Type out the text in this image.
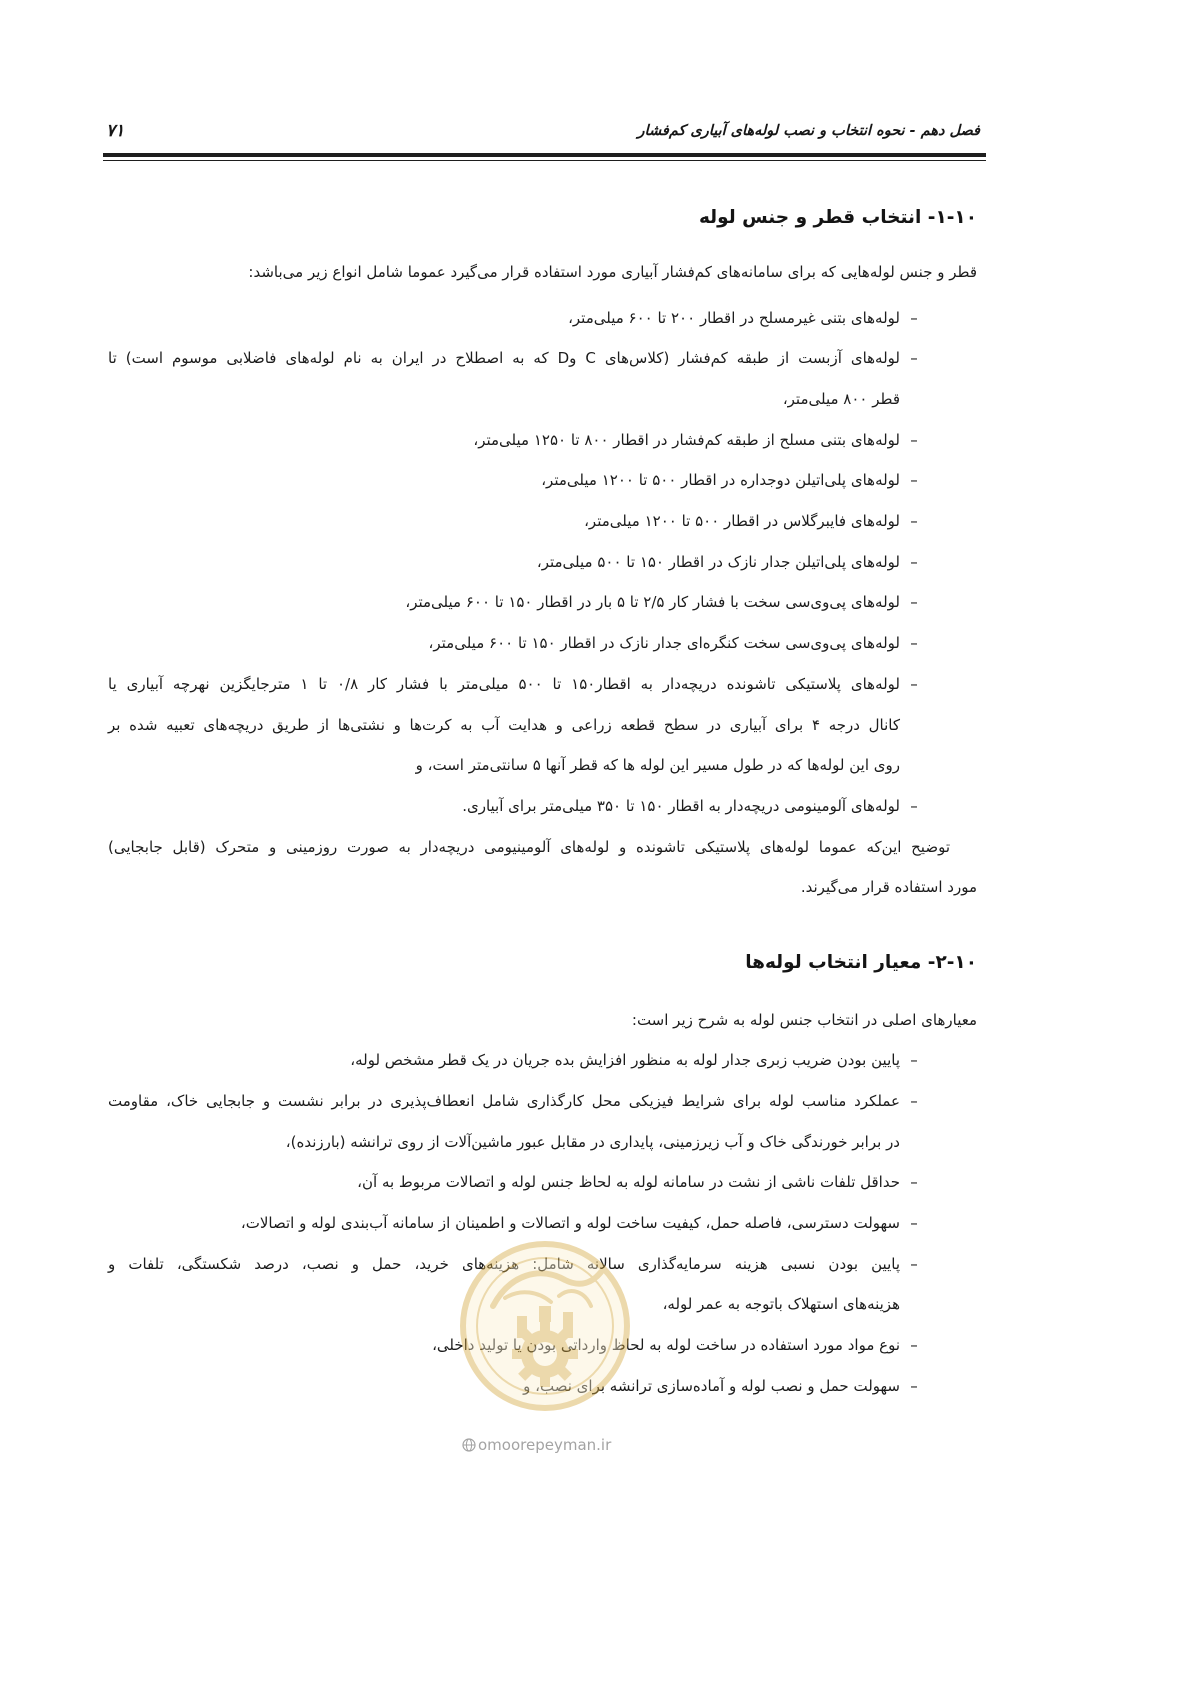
فصل دهم - نحوه انتخاب و نصب لوله‌های آبیاری کم‌فشار
۷۱
۱-۱۰- انتخاب قطر و جنس لوله
قطر و جنس لوله‌هایی که برای سامانه‌های کم‌فشار آبیاری مورد استفاده قرار می‌گیرد عموما شامل انواع زیر می‌باشد:
–
لوله‌های بتنی غیرمسلح در اقطار ۲۰۰ تا ۶۰۰ میلی‌متر،
–
لوله‌های آزبست از طبقه کم‌فشار (کلاس‌های C وD که به اصطلاح در ایران به نام لوله‌های فاضلابی موسوم است) تا
قطر ۸۰۰ میلی‌متر،
–
لوله‌های بتنی مسلح از طبقه کم‌فشار در اقطار ۸۰۰ تا ۱۲۵۰ میلی‌متر،
–
لوله‌های پلی‌اتیلن دوجداره در اقطار ۵۰۰ تا ۱۲۰۰ میلی‌متر،
–
لوله‌های فایبرگلاس در اقطار ۵۰۰ تا ۱۲۰۰ میلی‌متر،
–
لوله‌های پلی‌اتیلن جدار نازک در اقطار ۱۵۰ تا ۵۰۰ میلی‌متر،
–
لوله‌های پی‌وی‌سی سخت با فشار کار ۲/۵ تا ۵ بار در اقطار ۱۵۰ تا ۶۰۰ میلی‌متر،
–
لوله‌های پی‌وی‌سی سخت کنگره‌ای جدار نازک در اقطار ۱۵۰ تا ۶۰۰ میلی‌متر،
–
لوله‌های پلاستیکی تاشونده دریچه‌دار به اقطار۱۵۰ تا ۵۰۰ میلی‌متر با فشار کار ۰/۸ تا ۱ مترجایگزین نهرچه آبیاری یا
کانال درجه ۴ برای آبیاری در سطح قطعه زراعی و هدایت آب به کرت‌ها و نشتی‌ها از طریق دریچه‌های تعبیه شده بر
روی این لوله‌ها که در طول مسیر این لوله ها که قطر آنها ۵ سانتی‌متر است، و
–
لوله‌های آلومینومی دریچه‌دار به اقطار ۱۵۰ تا ۳۵۰ میلی‌متر برای آبیاری.
توضیح این‌که عموما لوله‌های پلاستیکی تاشونده و لوله‌های آلومینیومی دریچه‌دار به صورت روزمینی و متحرک (قابل جابجایی)
مورد استفاده قرار می‌گیرند.
۲-۱۰- معیار انتخاب لوله‌ها
معیارهای اصلی در انتخاب جنس لوله به شرح زیر است:
–
پایین بودن ضریب زبری جدار لوله به منظور افزایش بده جریان در یک قطر مشخص لوله،
–
عملکرد مناسب لوله برای شرایط فیزیکی محل کارگذاری شامل انعطاف‌پذیری در برابر نشست و جابجایی خاک، مقاومت
در برابر خورندگی خاک و آب زیرزمینی، پایداری در مقابل عبور ماشین‌آلات از روی ترانشه (بارزنده)،
–
حداقل تلفات ناشی از نشت در سامانه لوله به لحاظ جنس لوله و اتصالات مربوط به آن،
–
سهولت دسترسی، فاصله حمل، کیفیت ساخت لوله و اتصالات و اطمینان از سامانه آب‌بندی لوله و اتصالات،
–
پایین بودن نسبی هزینه سرمایه‌گذاری سالانه شامل: هزینه‌های خرید، حمل و نصب، درصد شکستگی، تلفات و
هزینه‌های استهلاک باتوجه به عمر لوله،
–
نوع مواد مورد استفاده در ساخت لوله به لحاظ وارداتی بودن یا تولید داخلی،
–
سهولت حمل و نصب لوله و آماده‌سازی ترانشه برای نصب، و
omoorepeyman.ir
